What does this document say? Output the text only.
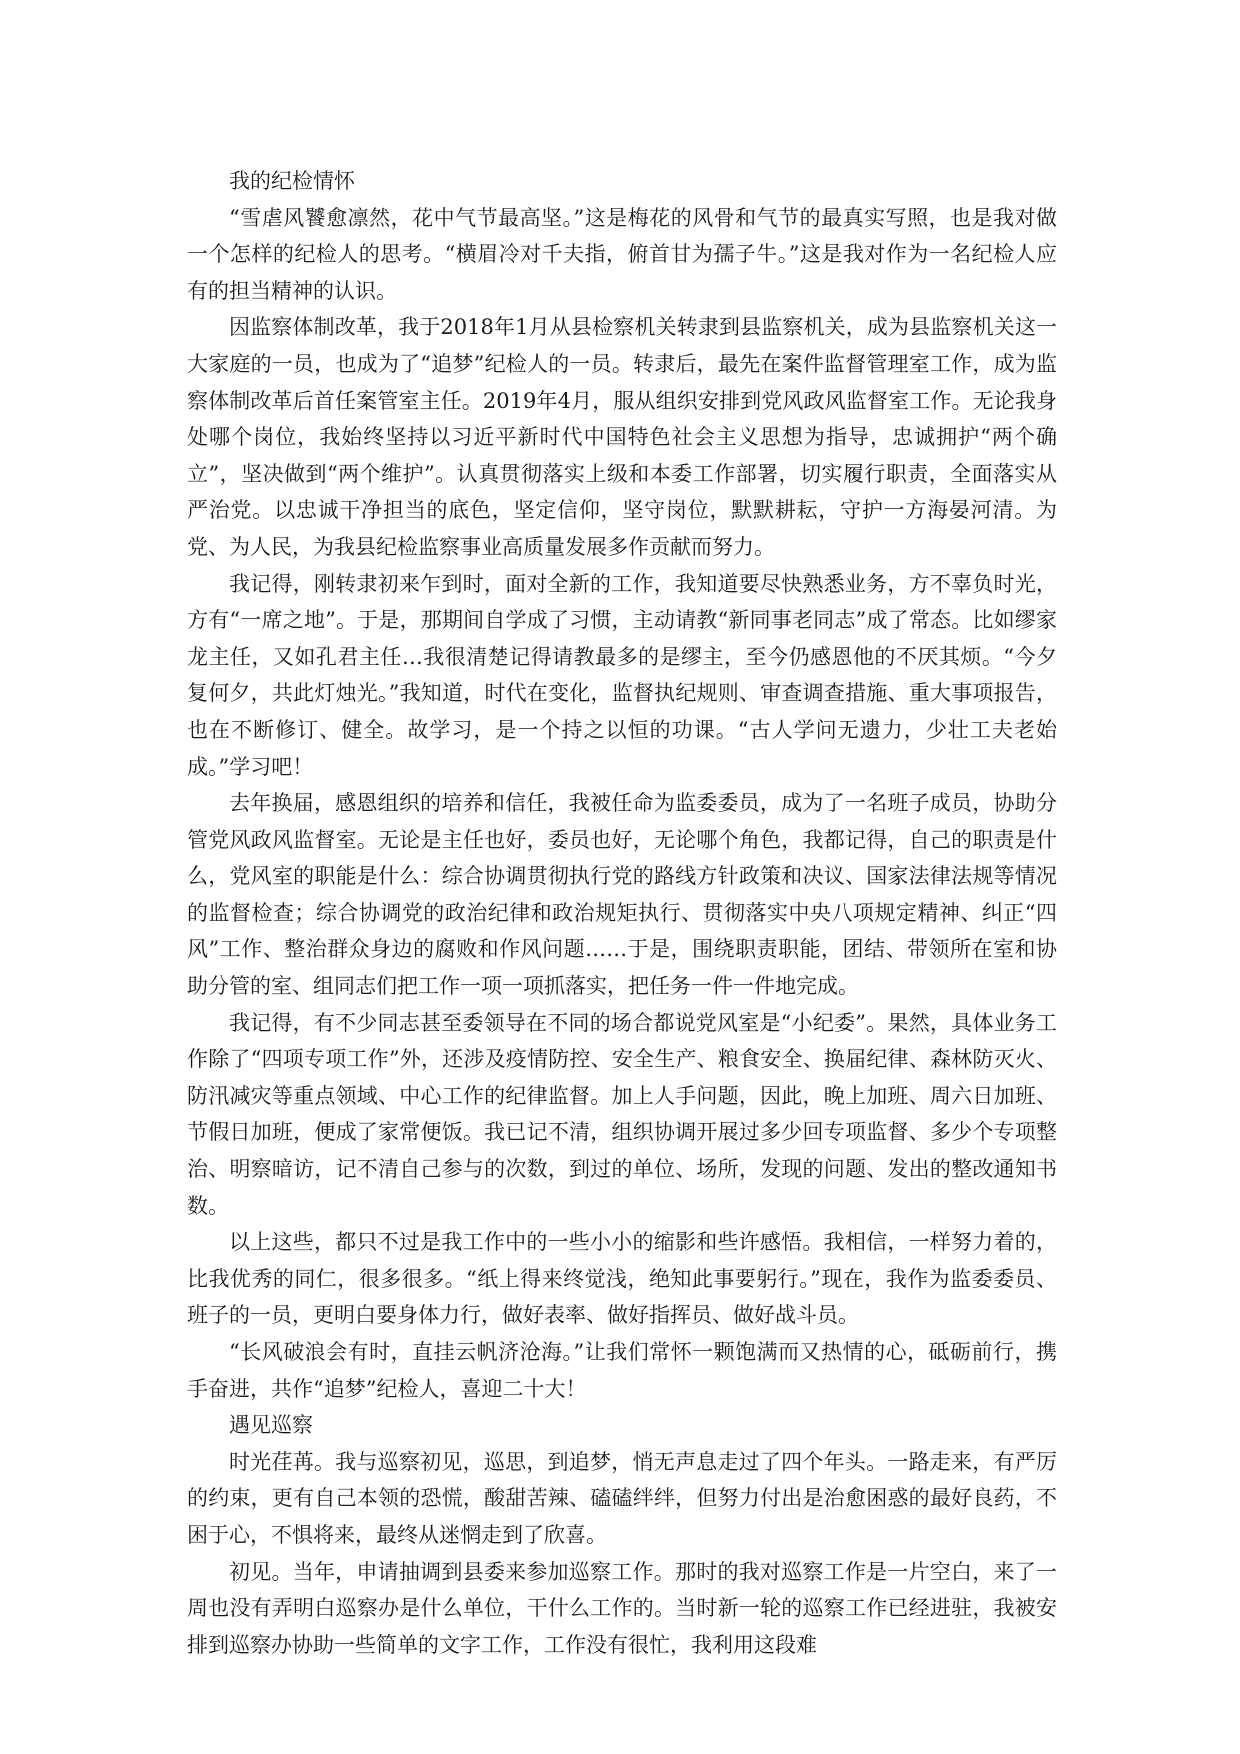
我的纪检情怀

“雪虐风饕愈凛然，花中气节最高坚。”这是梅花的风骨和气节的最真实写照，也是我对做一个怎样的纪检人的思考。“横眉冷对千夫指，俯首甘为孺子牛。”这是我对作为一名纪检人应有的担当精神的认识。

因监察体制改革，我于2018年1月从县检察机关转隶到县监察机关，成为县监察机关这一大家庭的一员，也成为了“追梦”纪检人的一员。转隶后，最先在案件监督管理室工作，成为监察体制改革后首任案管室主任。2019年4月，服从组织安排到党风政风监督室工作。无论我身处哪个岗位，我始终坚持以习近平新时代中国特色社会主义思想为指导，忠诚拥护“两个确立”，坚决做到“两个维护”。认真贯彻落实上级和本委工作部署，切实履行职责，全面落实从严治党。以忠诚干净担当的底色，坚定信仰，坚守岗位，默默耕耘，守护一方海晏河清。为党、为人民，为我县纪检监察事业高质量发展多作贡献而努力。

我记得，刚转隶初来乍到时，面对全新的工作，我知道要尽快熟悉业务，方不辜负时光，方有“一席之地”。于是，那期间自学成了习惯，主动请教“新同事老同志”成了常态。比如缪家龙主任，又如孔君主任…我很清楚记得请教最多的是缪主，至今仍感恩他的不厌其烦。“今夕复何夕，共此灯烛光。”我知道，时代在变化，监督执纪规则、审查调查措施、重大事项报告，也在不断修订、健全。故学习，是一个持之以恒的功课。“古人学问无遗力，少壮工夫老始成。”学习吧！

去年换届，感恩组织的培养和信任，我被任命为监委委员，成为了一名班子成员，协助分管党风政风监督室。无论是主任也好，委员也好，无论哪个角色，我都记得，自己的职责是什么，党风室的职能是什么：综合协调贯彻执行党的路线方针政策和决议、国家法律法规等情况的监督检查；综合协调党的政治纪律和政治规矩执行、贯彻落实中央八项规定精神、纠正“四风”工作、整治群众身边的腐败和作风问题……于是，围绕职责职能，团结、带领所在室和协助分管的室、组同志们把工作一项一项抓落实，把任务一件一件地完成。

我记得，有不少同志甚至委领导在不同的场合都说党风室是“小纪委”。果然，具体业务工作除了“四项专项工作”外，还涉及疫情防控、安全生产、粮食安全、换届纪律、森林防灭火、防汛减灾等重点领域、中心工作的纪律监督。加上人手问题，因此，晚上加班、周六日加班、节假日加班，便成了家常便饭。我已记不清，组织协调开展过多少回专项监督、多少个专项整治、明察暗访，记不清自己参与的次数，到过的单位、场所，发现的问题、发出的整改通知书数。

以上这些，都只不过是我工作中的一些小小的缩影和些许感悟。我相信，一样努力着的，比我优秀的同仁，很多很多。“纸上得来终觉浅，绝知此事要躬行。”现在，我作为监委委员、班子的一员，更明白要身体力行，做好表率、做好指挥员、做好战斗员。

“长风破浪会有时，直挂云帆济沧海。”让我们常怀一颗饱满而又热情的心，砥砺前行，携手奋进，共作“追梦”纪检人，喜迎二十大！

遇见巡察

时光荏苒。我与巡察初见，巡思，到追梦，悄无声息走过了四个年头。一路走来，有严厉的约束，更有自己本领的恐慌，酸甜苦辣、磕磕绊绊，但努力付出是治愈困惑的最好良药，不困于心，不惧将来，最终从迷惘走到了欣喜。

初见。当年，申请抽调到县委来参加巡察工作。那时的我对巡察工作是一片空白，来了一周也没有弄明白巡察办是什么单位，干什么工作的。当时新一轮的巡察工作已经进驻，我被安排到巡察办协助一些简单的文字工作，工作没有很忙，我利用这段难
